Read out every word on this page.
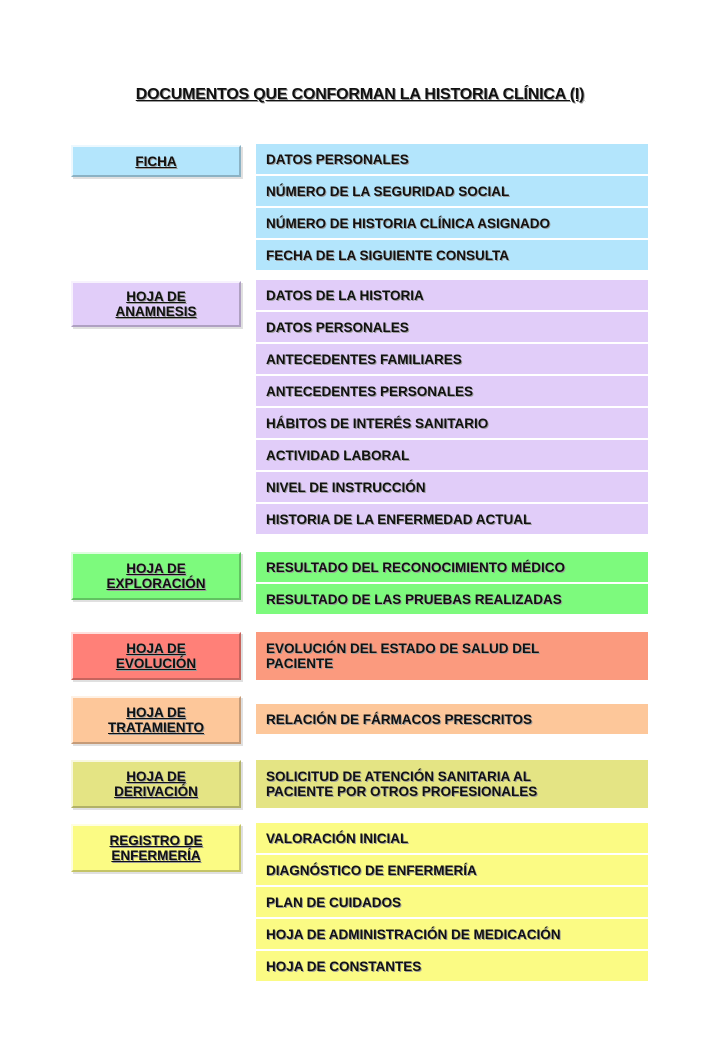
DOCUMENTOS QUE CONFORMAN LA HISTORIA CLÍNICA (I)
FICHA	DATOS PERSONALES
NÚMERO DE LA SEGURIDAD SOCIAL
NÚMERO DE HISTORIA CLÍNICA ASIGNADO
FECHA DE LA SIGUIENTE CONSULTA
HOJA DE
ANAMNESIS
DATOS DE LA HISTORIA
DATOS PERSONALES
ANTECEDENTES FAMILIARES
ANTECEDENTES PERSONALES
HÁBITOS DE INTERÉS SANITARIO
ACTIVIDAD LABORAL
NIVEL DE INSTRUCCIÓN
HISTORIA DE LA ENFERMEDAD ACTUAL
HOJA DE
EXPLORACIÓN
RESULTADO DEL RECONOCIMIENTO MÉDICO
RESULTADO DE LAS PRUEBAS REALIZADAS
HOJA DE
EVOLUCIÓN
EVOLUCIÓN DEL ESTADO DE SALUD DEL
PACIENTE
HOJA DE
TRATAMIENTO
RELACIÓN DE FÁRMACOS PRESCRITOS
HOJA DE
DERIVACIÓN
SOLICITUD DE ATENCIÓN SANITARIA AL
PACIENTE POR OTROS PROFESIONALES
REGISTRO DE
ENFERMERÍA
VALORACIÓN INICIAL
DIAGNÓSTICO DE ENFERMERÍA
PLAN DE CUIDADOS
HOJA DE ADMINISTRACIÓN DE MEDICACIÓN
HOJA DE CONSTANTES
